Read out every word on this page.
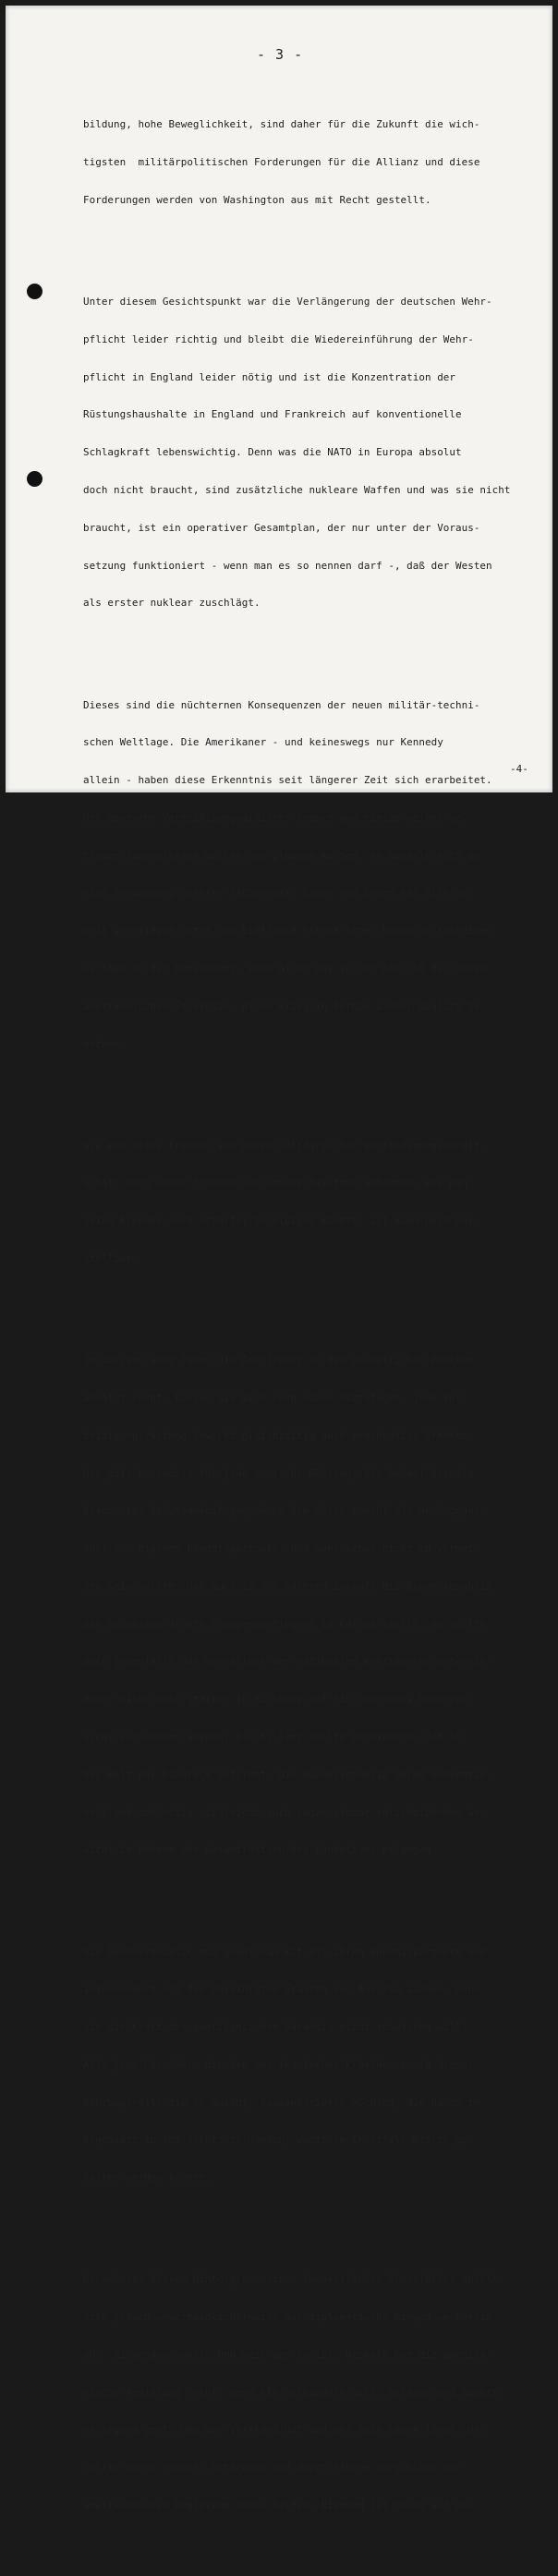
- 3 -

bildung, hohe Beweglichkeit, sind daher für die Zukunft die wich-

tigsten  militärpolitischen Forderungen für die Allianz und diese

Forderungen werden von Washington aus mit Recht gestellt.

Unter diesem Gesichtspunkt war die Verlängerung der deutschen Wehr-

pflicht leider richtig und bleibt die Wiedereinführung der Wehr-

pflicht in England leider nötig und ist die Konzentration der

Rüstungshaushalte in England und Frankreich auf konventionelle

Schlagkraft lebenswichtig. Denn was die NATO in Europa absolut

doch nicht braucht, sind zusätzliche nukleare Waffen und was sie nicht

braucht, ist ein operativer Gesamtplan, der nur unter der Voraus-

setzung funktioniert - wenn man es so nennen darf -, daß der Westen

als erster nuklear zuschlägt.

Dieses sind die nüchternen Konsequenzen der neuen militär-techni-

schen Weltlage. Die Amerikaner - und keineswegs nur Kennedy

allein - haben diese Erkenntnis seit längerer Zeit sich erarbeitet.

Der deutsche Verteidigungsminister jedoch und einige seiner ge-

treuen Journalisten wollen uns glauben machen, es handele sich um

eine Schwächung unserer Sicherheit. Einer von ihnen hat sich so

weit verstiegen unter dem Einflusse Strauß'scher Reden zu schreiben,

es läge in der Konsequenz, wenn nicht gar in der Absicht der neuen

amerikanischen Strategie, einen Krieg in Europa wieder möglich zu

machen.

Wie man seine Freunde,von deren solidarischer Verteidigungsbereit-

schaft doch unser Frieden und unsere Existenz abhängen, wie man

seine Freunde noch schärfer beleidigen könnte, ist kaum noch vor-

stellbar.

Im übrigen aber haben die Amerikaner in den wesentlichen Punkten

absolut recht. Lassen Sie mich noch eines hinzufügen: jede Ver-

teidigungsrüstung bewirkt gleichzeitig auch provokative Effekte.

Das gilt besonders für jede deutsche Rüstung. Sie bedarf deshalb

besonderer Behutsamkeit gegenüber dem Osten sowohl als auch gegen-

über den eigenen Bündnispartnern. Und wenn schon nicht zu vermei-

den sein sollte, daß auch in der näheren Zukunft die Bundesrepublik

das beiweitem größte Truppenkontingent in Europa stellt, so sollte

doch jedenfalls das Verhältnis der nationalen Kontingente unterein-

ander nicht noch stärker in Richtung auf ein deutsches Schwerge-

wicht verschoben werden. Die Allianz sollte verhindern, daß in

der Welt der Eindruck entsteht, die Bundesrepublik würde konventio-

nell und zukünftig vielleicht auch sogar atomar entscheidendes Ge-

wicht im Rahmen der Gesamtrüstung des Bündnisses erlangen.

Die Bundesrepublik muß gemeinsam mit all ihren Bündnispartnern und

insbesondere mit den Vereinigten Staaten von Amerika ziehen, wenn

sie die Kraft der amerikanischen Garantie nicht schwächen will.

Alle jene Europäer, die den amerikanischen Präsidenten in dieser

Führungsrolle die er ausübt, ausmanövrieren möchten, die haben im

Gegensatz zu ihm nichts in Händen, womit im Ernstfall Berlin ge-

halten werden könnte.

Gerade vor diesem Hintergrund eines theoretischen Ernstfalles spielt

sich jedoch unvermeidlicherweise das diplomatische Ringen um Berlin

ab;  nirgendwo sonst. Und weil das so ist, deshalb hat die amerika-

nische Regierung recht, wenn sie verhandeln will, solange und soweit

es irgend geht. Und wer Verstand hat und wer sein Leben liebt, der

sollte durch eigenes Mitdenken und durch eigene Vorschläge der

amerikanischen Regierung dabei helfen. Niemand ist heute auf die

-4-
